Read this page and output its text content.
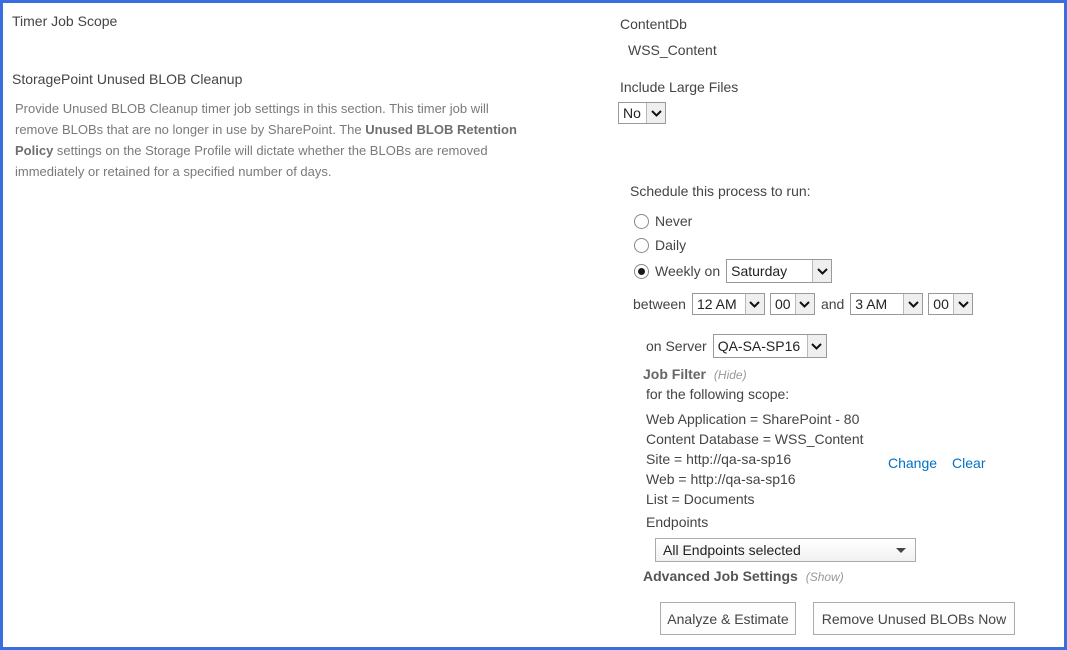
Timer Job Scope
StoragePoint Unused BLOB Cleanup
Provide Unused BLOB Cleanup timer job settings in this section. This timer job will remove BLOBs that are no longer in use by SharePoint. The Unused BLOB Retention Policy settings on the Storage Profile will dictate whether the BLOBs are removed immediately or retained for a specified number of days.
ContentDb
WSS_Content
Include Large Files
No
Schedule this process to run:
Never
Daily
Weekly on Saturday
between 12 AM	00 and 3 AM	00
on Server QA-SA-SP16
Job Filter (Hide)
for the following scope:
Web Application = SharePoint - 80
Content Database = WSS_Content
Site = http://qa-sa-sp16
Web = http://qa-sa-sp16
List = Documents
Endpoints
All Endpoints selected
Advanced Job Settings (Show)
Analyze & Estimate	Remove Unused BLOBs Now
Change Clear
